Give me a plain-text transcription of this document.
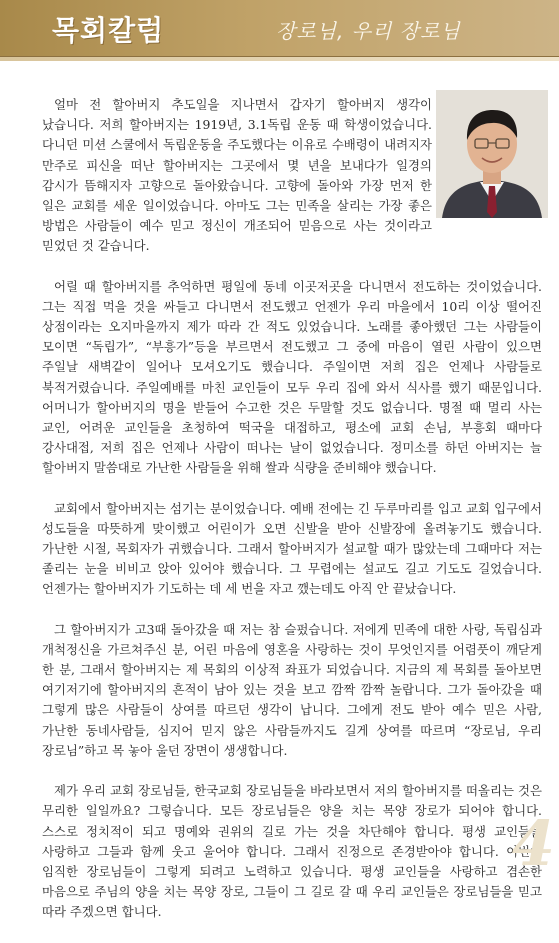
목회칼럼	장로님, 우리 장로님

얼마 전 할아버지 추도일을 지나면서 갑자기 할아버지 생각이 났습니다. 저희 할아버지는 1919년, 3.1독립 운동 때 학생이었습니다. 다니던 미션 스쿨에서 독립운동을 주도했다는 이유로 수배령이 내려지자 만주로 피신을 떠난 할아버지는 그곳에서 몇 년을 보내다가 일경의 감시가 뜸해지자 고향으로 돌아왔습니다. 고향에 돌아와 가장 먼저 한 일은 교회를 세운 일이었습니다. 아마도 그는 민족을 살리는 가장 좋은 방법은 사람들이 예수 믿고 정신이 개조되어 믿음으로 사는 것이라고 믿었던 것 같습니다.

어릴 때 할아버지를 추억하면 평일에 동네 이곳저곳을 다니면서 전도하는 것이었습니다. 그는 직접 먹을 것을 싸들고 다니면서 전도했고 언젠가 우리 마을에서 10리 이상 떨어진 상점이라는 오지마을까지 제가 따라 간 적도 있었습니다. 노래를 좋아했던 그는 사람들이 모이면 “독립가”, “부흥가”등을 부르면서 전도했고 그 중에 마음이 열린 사람이 있으면 주일날 새벽같이 일어나 모셔오기도 했습니다. 주일이면 저희 집은 언제나 사람들로 북적거렸습니다. 주일예배를 마친 교인들이 모두 우리 집에 와서 식사를 했기 때문입니다. 어머니가 할아버지의 명을 받들어 수고한 것은 두말할 것도 없습니다. 명절 때 멀리 사는 교인, 어려운 교인들을 초청하여 떡국을 대접하고, 평소에 교회 손님, 부흥회 때마다 강사대접, 저희 집은 언제나 사람이 떠나는 날이 없었습니다. 정미소를 하던 아버지는 늘 할아버지 말씀대로 가난한 사람들을 위해 쌀과 식량을 준비해야 했습니다.

교회에서 할아버지는 섬기는 분이었습니다. 예배 전에는 긴 두루마리를 입고 교회 입구에서 성도들을 따뜻하게 맞이했고 어린이가 오면 신발을 받아 신발장에 올려놓기도 했습니다. 가난한 시절, 목회자가 귀했습니다. 그래서 할아버지가 설교할 때가 많았는데 그때마다 저는 졸리는 눈을 비비고 앉아 있어야 했습니다. 그 무렵에는 설교도 길고 기도도 길었습니다. 언젠가는 할아버지가 기도하는 데 세 번을 자고 깼는데도 아직 안 끝났습니다.

그 할아버지가 고3때 돌아갔을 때 저는 참 슬펐습니다. 저에게 민족에 대한 사랑, 독립심과 개척정신을 가르쳐주신 분, 어린 마음에 영혼을 사랑하는 것이 무엇인지를 어렴풋이 깨닫게 한 분, 그래서 할아버지는 제 목회의 이상적 좌표가 되었습니다. 지금의 제 목회를 돌아보면 여기저기에 할아버지의 흔적이 남아 있는 것을 보고 깜짝 깜짝 놀랍니다. 그가 돌아갔을 때 그렇게 많은 사람들이 상여를 따르던 생각이 납니다. 그에게 전도 받아 예수 믿은 사람, 가난한 동네사람들, 심지어 믿지 않은 사람들까지도 길게 상여를 따르며 “장로님, 우리 장로님”하고 목 놓아 울던 장면이 생생합니다.

제가 우리 교회 장로님들, 한국교회 장로님들을 바라보면서 저의 할아버지를 떠올리는 것은 무리한 일일까요? 그렇습니다. 모든 장로님들은 양을 치는 목양 장로가 되어야 합니다. 스스로 정치적이 되고 명예와 권위의 길로 가는 것을 차단해야 합니다. 평생 교인들을 사랑하고 그들과 함께 웃고 울어야 합니다. 그래서 진정으로 존경받아야 합니다. 이번에 임직한 장로님들이 그렇게 되려고 노력하고 있습니다. 평생 교인들을 사랑하고 겸손한 마음으로 주님의 양을 치는 목양 장로, 그들이 그 길로 갈 때 우리 교인들은 장로님들을 믿고 따라 주겠으면 합니다.

4
